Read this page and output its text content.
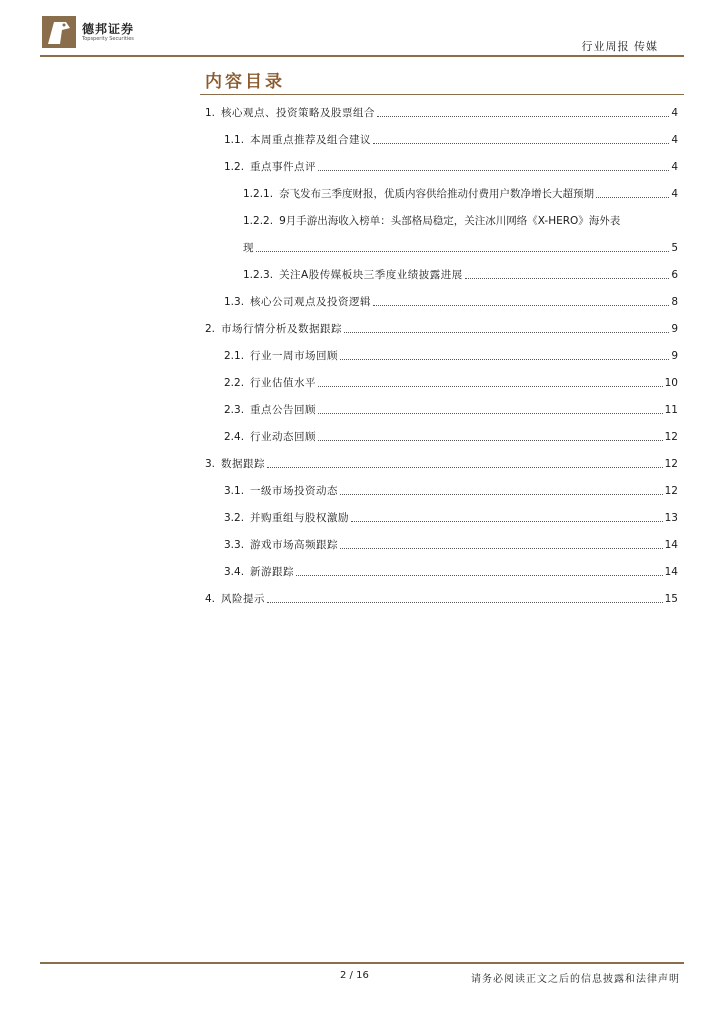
德邦证券
Topsperity Securities
行业周报 传媒
内容目录
1. 核心观点、投资策略及股票组合	4
1.1. 本周重点推荐及组合建议	4
1.2. 重点事件点评	4
1.2.1. 奈飞发布三季度财报，优质内容供给推动付费用户数净增长大超预期	4
1.2.2. 9月手游出海收入榜单：头部格局稳定，关注冰川网络《X-HERO》海外表
现	5
1.2.3. 关注A股传媒板块三季度业绩披露进展	6
1.3. 核心公司观点及投资逻辑	8
2. 市场行情分析及数据跟踪	9
2.1. 行业一周市场回顾	9
2.2. 行业估值水平	10
2.3. 重点公告回顾	11
2.4. 行业动态回顾	12
3. 数据跟踪	12
3.1. 一级市场投资动态	12
3.2. 并购重组与股权激励	13
3.3. 游戏市场高频跟踪	14
3.4. 新游跟踪	14
4. 风险提示	15
2 / 16	请务必阅读正文之后的信息披露和法律声明
